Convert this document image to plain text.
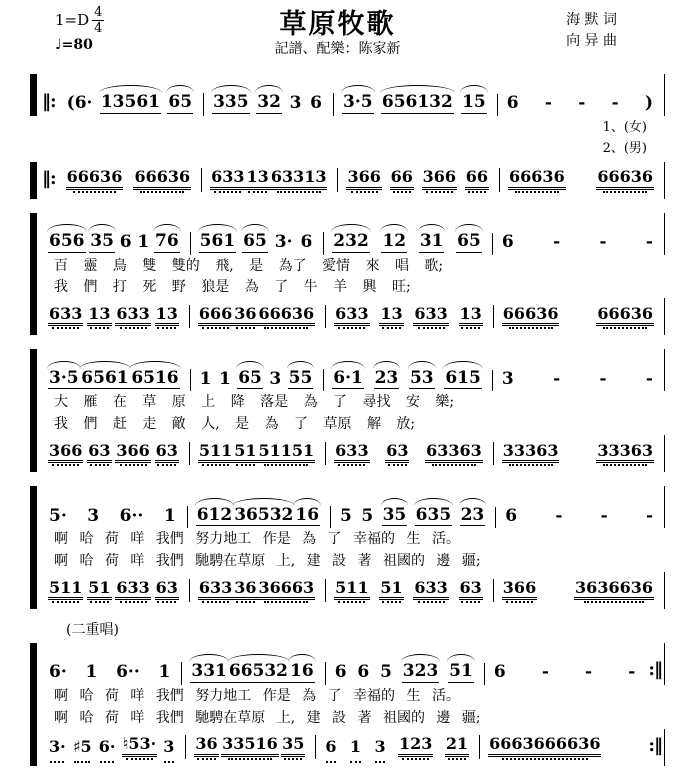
$1=D \frac{4}{4}$
♩=80
草原牧歌
記譜、配樂：陈家新
海 默 词
向 异 曲
‖: (6· 13561 65 335 32 3 6 3·5 656132 15 6 - - - )
1、(女)
2、(男)
‖: 66636 66636 633 13 63313 366 66 366 66 66636 66636
656 35 6 1 76 561 65 3· 6 232 12 31 65 6 - - -
百 靈 鳥 雙 雙的 飛, 是 為了 愛情 來 唱 歌;
我 們 打 死 野 狼是 為 了 牛 羊 興 旺;
633 13 633 13 666 36 66636 633 13 633 13 66636 66636
3·5 6561 6516 1 1 65 3 55 6·1 23 53 615 3 - - -
大 雁 在 草 原 上 降 落是 為 了 尋找 安 樂;
我 們 赶 走 敵 人, 是 為 了 草原 解 放;
366 63 366 63 511 51 51151 633 63 63363 33363 33363
5· 3 6·· 1 612 36532 16 5 5 35 635 23 6 - - -
啊 哈 荷 咩 我們 努力地工 作是 為 了 幸福的 生 活。
啊 哈 荷 咩 我們 馳騁在草原 上, 建 設 著 祖國的 邊 疆;
511 51 633 63 633 36 36663 511 51 633 63 366 3636636
(二重唱)
6· 1 6·· 1 331 66532 16 6 6 5 323 51 6 - - - :‖
啊 哈 荷 咩 我們 努力地工 作是 為 了 幸福的 生 活。
啊 哈 荷 咩 我們 馳騁在草原 上, 建 設 著 祖國的 邊 疆;
3· ♯5 6· ♮53· 3 36 33516 35 6 1 3 123 21 6663666636	:‖
